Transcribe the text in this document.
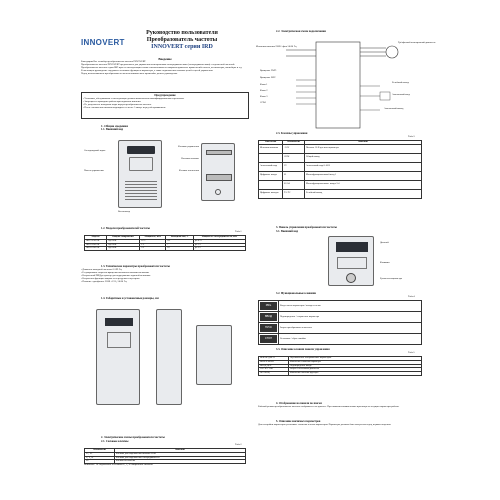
INNOVERT
Руководство пользователя
Преобразователь частоты
INNOVERT серии IRD
Введение
Благодарим Вас за выбор преобразователя частоты INNOVERT.
Преобразователь частоты INNOVERT предназначен для управления асинхронными электродвигателями (электродвигателями) с переменной частотой.
Преобразователь частоты серии IRD прост в эксплуатации и может использоваться в широком диапазоне применений: насосы, вентиляторы, конвейеры и т.д.
В настоящем руководстве содержатся основные функции и параметры, а также подключения силовых цепей и цепей управления.
Перед использованием преобразователя частоты внимательно прочитайте данное руководство.
Предупреждение
• Установка, обслуживание и эксплуатация должны выполняться квалифицированным персоналом.
• Запрещается проводить работы при поданном питании.
• Не допускается попадание воды внутрь преобразователя частоты.
• После отключения питания подождите не менее 5 минут перед обслуживанием.
1. Общие сведения
1.1. Внешний вид
Светодиодный экран
Панель управления
Вентилятор
Клеммы управления
Клеммы силовые
Клемма заземления
1.2. Модели преобразователей частоты
Табл.1
Модель	Входное напряжение	Мощность, кВт	Выходной ток, А	Мощность электродвигателя, кВт
IRD751M21B	1ф 220В	0.75	4.5	до 0.75
IRD152M21B	1ф 220В	1.5	7	до 1.5
IRD222M21B	1ф 220В	2.2	10	до 2.2
1.3. Технические параметры преобразователя частоты
• Диапазон выходной частоты: 0-599 Гц.
• Регулирование скорости вращения вспомогательными клеммами.
• Встроенный ПИД-регулятор для поддержания заданной величины.
• Встроенная функция защиты от перегрузки и перегрева.
• Питание: однофазное 220В ±15%, 50/60 Гц.
1.4. Габаритные и установочные размеры, мм
2. Электрические схемы преобразователя частоты
2.1. Силовые клеммы
Табл.2
Обозначение	Описание
L1, L2	Клеммы для подключения питания 220В
U, V, W	Клеммы для подключения электродвигателя
PE	Клемма заземления
Внимание! Не подключать к клеммам U, V, W напряжение питания.
2.2. Электрическая схема подключения
Источник питания 220В / фаза 50/60 Гц
Трёхфазный асинхронный двигатель
Вращение FWD
Вращение REV
Ключ 1
Ключ 2
Ключ 3
COM
Релейный выход
Аналоговый вход
Аналоговый выход
2.3. Клеммы управления
Табл.3
Тип клемм	Обозначение	Описание
Источник питания	+10V	Питание 10 В для потенциометра
	COM	Общий вывод
Аналоговый вход	VI	Аналоговый вход 0-10 В
Цифровые входы	S1	Многофункциональный вход 1
	S2-S4	Многофункциональные входы 2-4
Цифровые выходы	TA-TC	Релейный выход
3. Панель управления преобразователя частоты
3.1. Внешний вид
Дисплей
Клавиши
Ручка потенциометра
3.2. Функциональные клавиши
Табл.4
PRG	Вход в меню параметров / выход из меню

ВВОД	Подтверждение / сохранение параметра

ПУСК	Запуск преобразователя частоты

СТОП	Остановка / сброс ошибки
3.3. Описание клавиш панели управления
Табл.5
ВЫБОР/ДИСП	Переключение отображаемых параметров
ВВЕРХ/ВНИЗ	Изменение значения параметра
ВВОД/ДЕЛ	Подтверждение ввода
ПУСК/СТОП	Запуск и остановка двигателя
ПОТЕНЦ.	Изменение частоты вручную
4. Отображение на панели по шагам
Рабочий режим преобразователя частоты отображается на дисплее. При нажатии клавиш можно просмотреть текущие параметры работы.
5. Описание значимых параметров
Для настройки параметров установите значения в меню параметров. Параметры должны быть настроены перед первым запуском.
